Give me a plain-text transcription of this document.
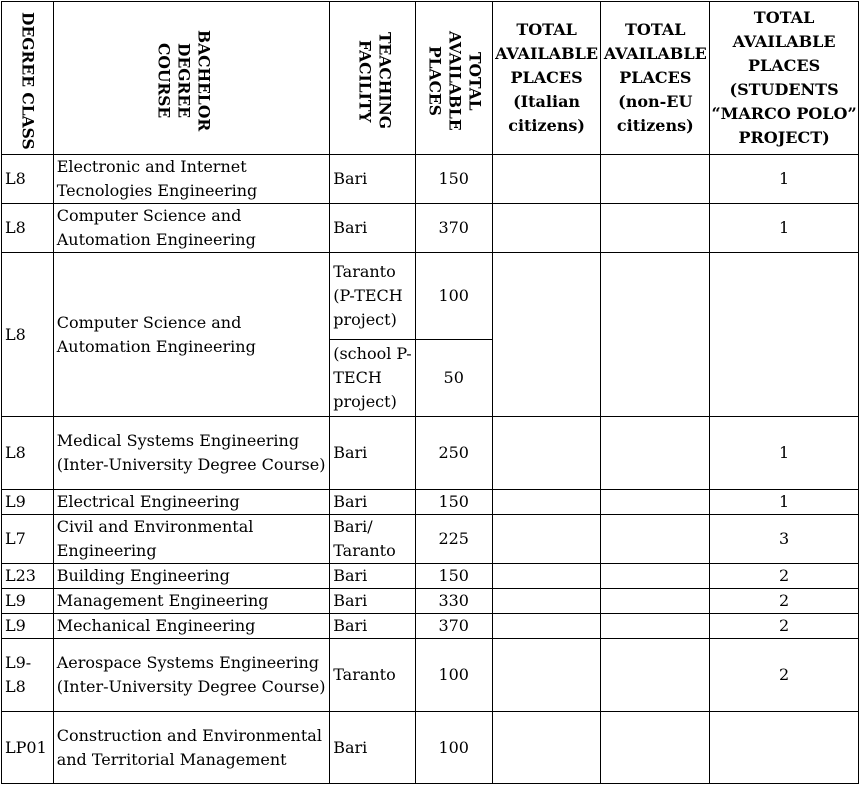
DEGREE CLASS	BACHELOR DEGREE COURSE	TEACHING FACILITY	TOTAL AVAILABLE PLACES	TOTAL AVAILABLE PLACES (Italian citizens)	TOTAL AVAILABLE PLACES (non-EU citizens)	TOTAL AVAILABLE PLACES (STUDENTS “MARCO POLO” PROJECT)
L8	Electronic and Internet Tecnologies Engineering	Bari	150			1
L8	Computer Science and Automation Engineering	Bari	370			1
L8	Computer Science and Automation Engineering	Taranto (P-TECH project)	100			
		(school P-TECH project)	50			
L8	Medical Systems Engineering (Inter-University Degree Course)	Bari	250			1
L9	Electrical Engineering	Bari	150			1
L7	Civil and Environmental Engineering	Bari/ Taranto	225			3
L23	Building Engineering	Bari	150			2
L9	Management Engineering	Bari	330			2
L9	Mechanical Engineering	Bari	370			2
L9-L8	Aerospace Systems Engineering (Inter-University Degree Course)	Taranto	100			2
LP01	Construction and Environmental and Territorial Management	Bari	100			
